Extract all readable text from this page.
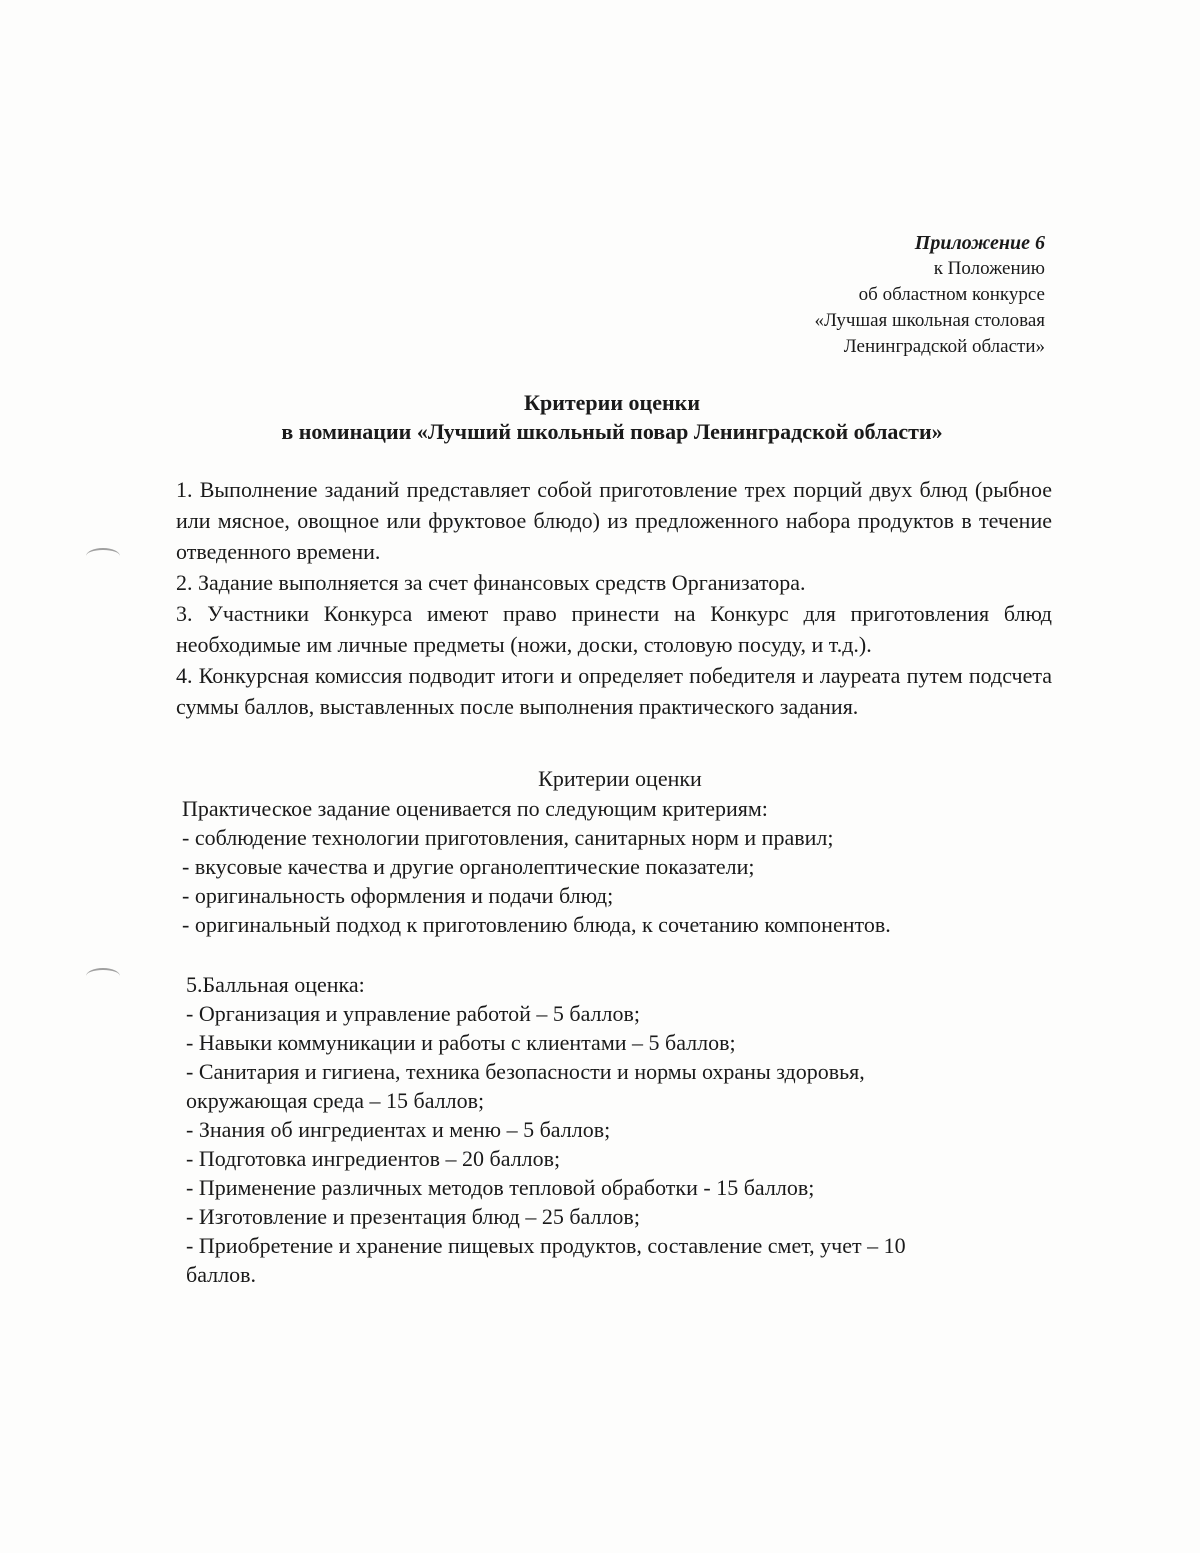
Приложение 6
к Положению
об областном конкурсе
«Лучшая школьная столовая
Ленинградской области»
Критерии оценки
в номинации «Лучший школьный повар Ленинградской области»

1. Выполнение заданий представляет собой приготовление трех порций двух блюд (рыбное или мясное, овощное или фруктовое блюдо) из предложенного набора продуктов в течение отведенного времени.

2. Задание выполняется за счет финансовых средств Организатора.

3. Участники Конкурса имеют право принести на Конкурс для приготовления блюд необходимые им личные предметы (ножи, доски, столовую посуду, и т.д.).

4. Конкурсная комиссия подводит итоги и определяет победителя и лауреата путем подсчета суммы баллов, выставленных после выполнения практического задания.

Критерии оценки
Практическое задание оценивается по следующим критериям:
- соблюдение технологии приготовления, санитарных норм и правил;
- вкусовые качества и другие органолептические показатели;
- оригинальность оформления и подачи блюд;
- оригинальный подход к приготовлению блюда, к сочетанию компонентов.
5.Балльная оценка:
- Организация и управление работой – 5 баллов;
- Навыки коммуникации и работы с клиентами – 5 баллов;
- Санитария и гигиена, техника безопасности и нормы охраны здоровья,
окружающая среда – 15 баллов;
- Знания об ингредиентах и меню – 5 баллов;
- Подготовка ингредиентов – 20 баллов;
- Применение различных методов тепловой обработки - 15 баллов;
- Изготовление и презентация блюд – 25 баллов;
- Приобретение и хранение пищевых продуктов, составление смет, учет – 10
баллов.
